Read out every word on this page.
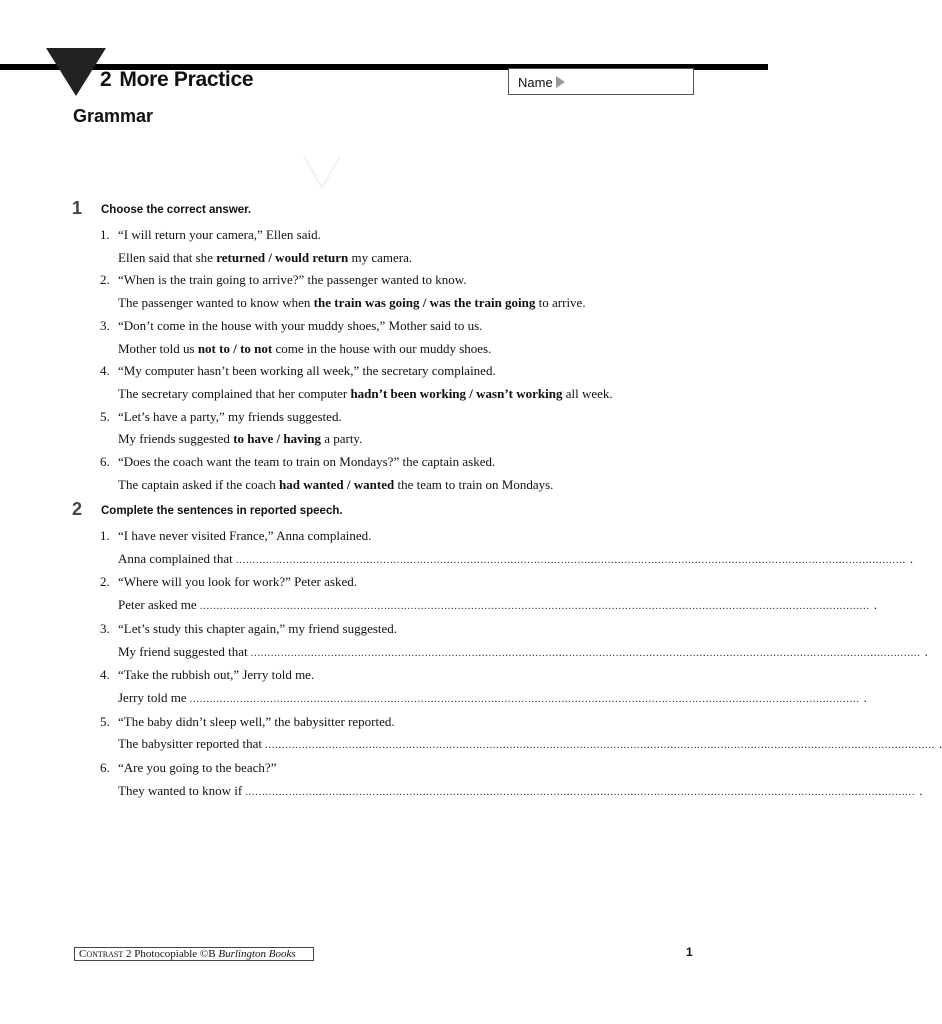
2 More Practice	Name
Grammar
1 Choose the correct answer.
1. “I will return your camera,” Ellen said.
Ellen said that she returned / would return my camera.
2. “When is the train going to arrive?” the passenger wanted to know.
The passenger wanted to know when the train was going / was the train going to arrive.
3. “Don’t come in the house with your muddy shoes,” Mother said to us.
Mother told us not to / to not come in the house with our muddy shoes.
4. “My computer hasn’t been working all week,” the secretary complained.
The secretary complained that her computer hadn’t been working / wasn’t working all week.
5. “Let’s have a party,” my friends suggested.
My friends suggested to have / having a party.
6. “Does the coach want the team to train on Mondays?” the captain asked.
The captain asked if the coach had wanted / wanted the team to train on Mondays.
2 Complete the sentences in reported speech.
1. “I have never visited France,” Anna complained.
Anna complained that ........................................................................................................................................................................................................ .
2. “Where will you look for work?” Peter asked.
Peter asked me ........................................................................................................................................................................................................ .
3. “Let’s study this chapter again,” my friend suggested.
My friend suggested that ........................................................................................................................................................................................................ .
4. “Take the rubbish out,” Jerry told me.
Jerry told me ........................................................................................................................................................................................................ .
5. “The baby didn’t sleep well,” the babysitter reported.
The babysitter reported that ........................................................................................................................................................................................................ .
6. “Are you going to the beach?”
They wanted to know if ........................................................................................................................................................................................................ .
Contrast 2 Photocopiable ©B Burlington Books	1
